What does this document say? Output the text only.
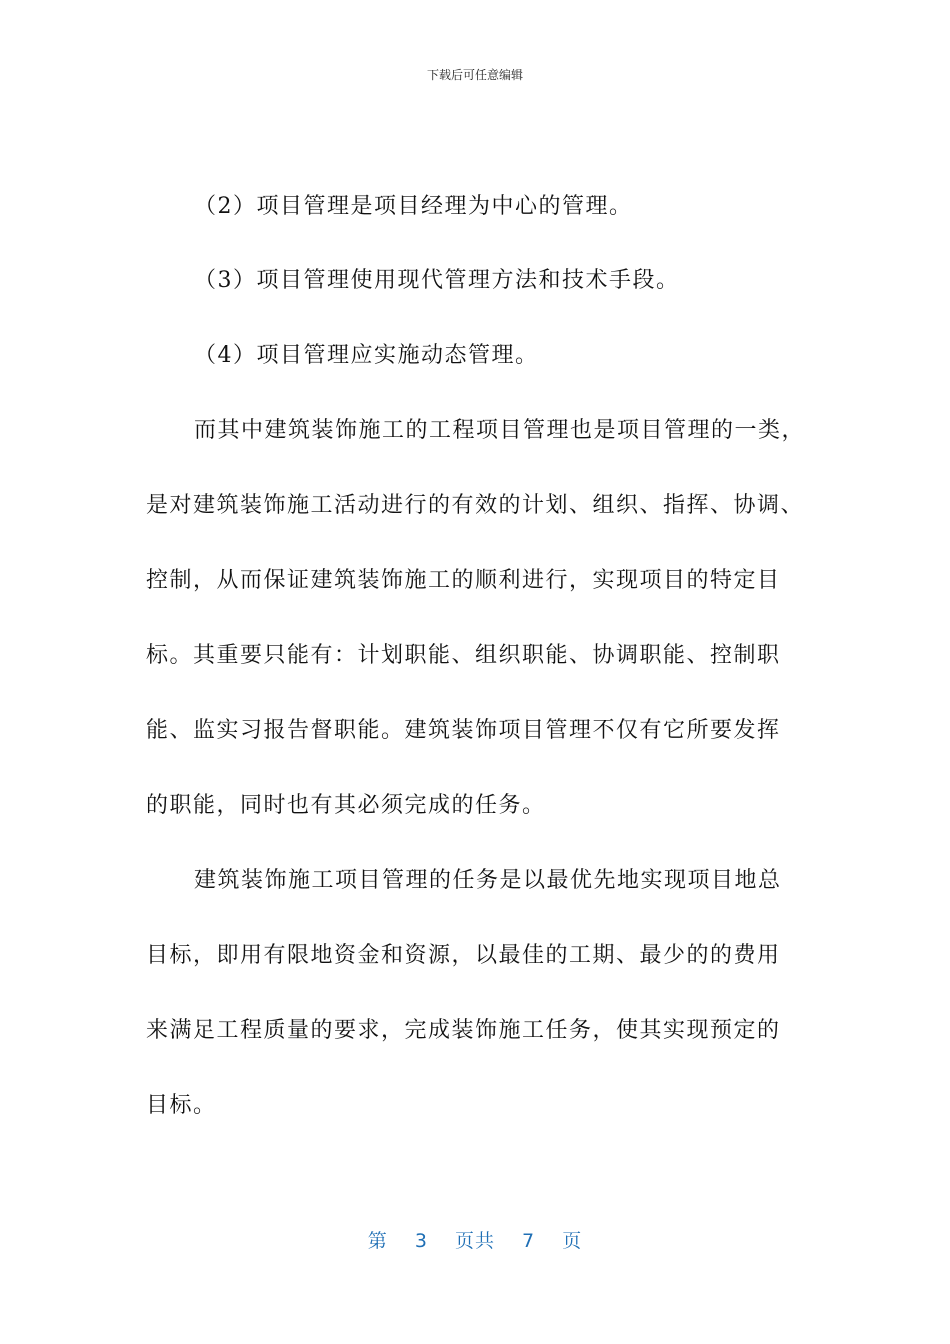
下载后可任意编辑
（2）项目管理是项目经理为中心的管理。
（3）项目管理使用现代管理方法和技术手段。
（4）项目管理应实施动态管理。
而其中建筑装饰施工的工程项目管理也是项目管理的一类，
是对建筑装饰施工活动进行的有效的计划、组织、指挥、协调、
控制，从而保证建筑装饰施工的顺利进行，实现项目的特定目
标。其重要只能有：计划职能、组织职能、协调职能、控制职
能、监实习报告督职能。建筑装饰项目管理不仅有它所要发挥
的职能，同时也有其必须完成的任务。
建筑装饰施工项目管理的任务是以最优先地实现项目地总
目标，即用有限地资金和资源，以最佳的工期、最少的的费用
来满足工程质量的要求，完成装饰施工任务，使其实现预定的
目标。
第 3 页共 7 页
